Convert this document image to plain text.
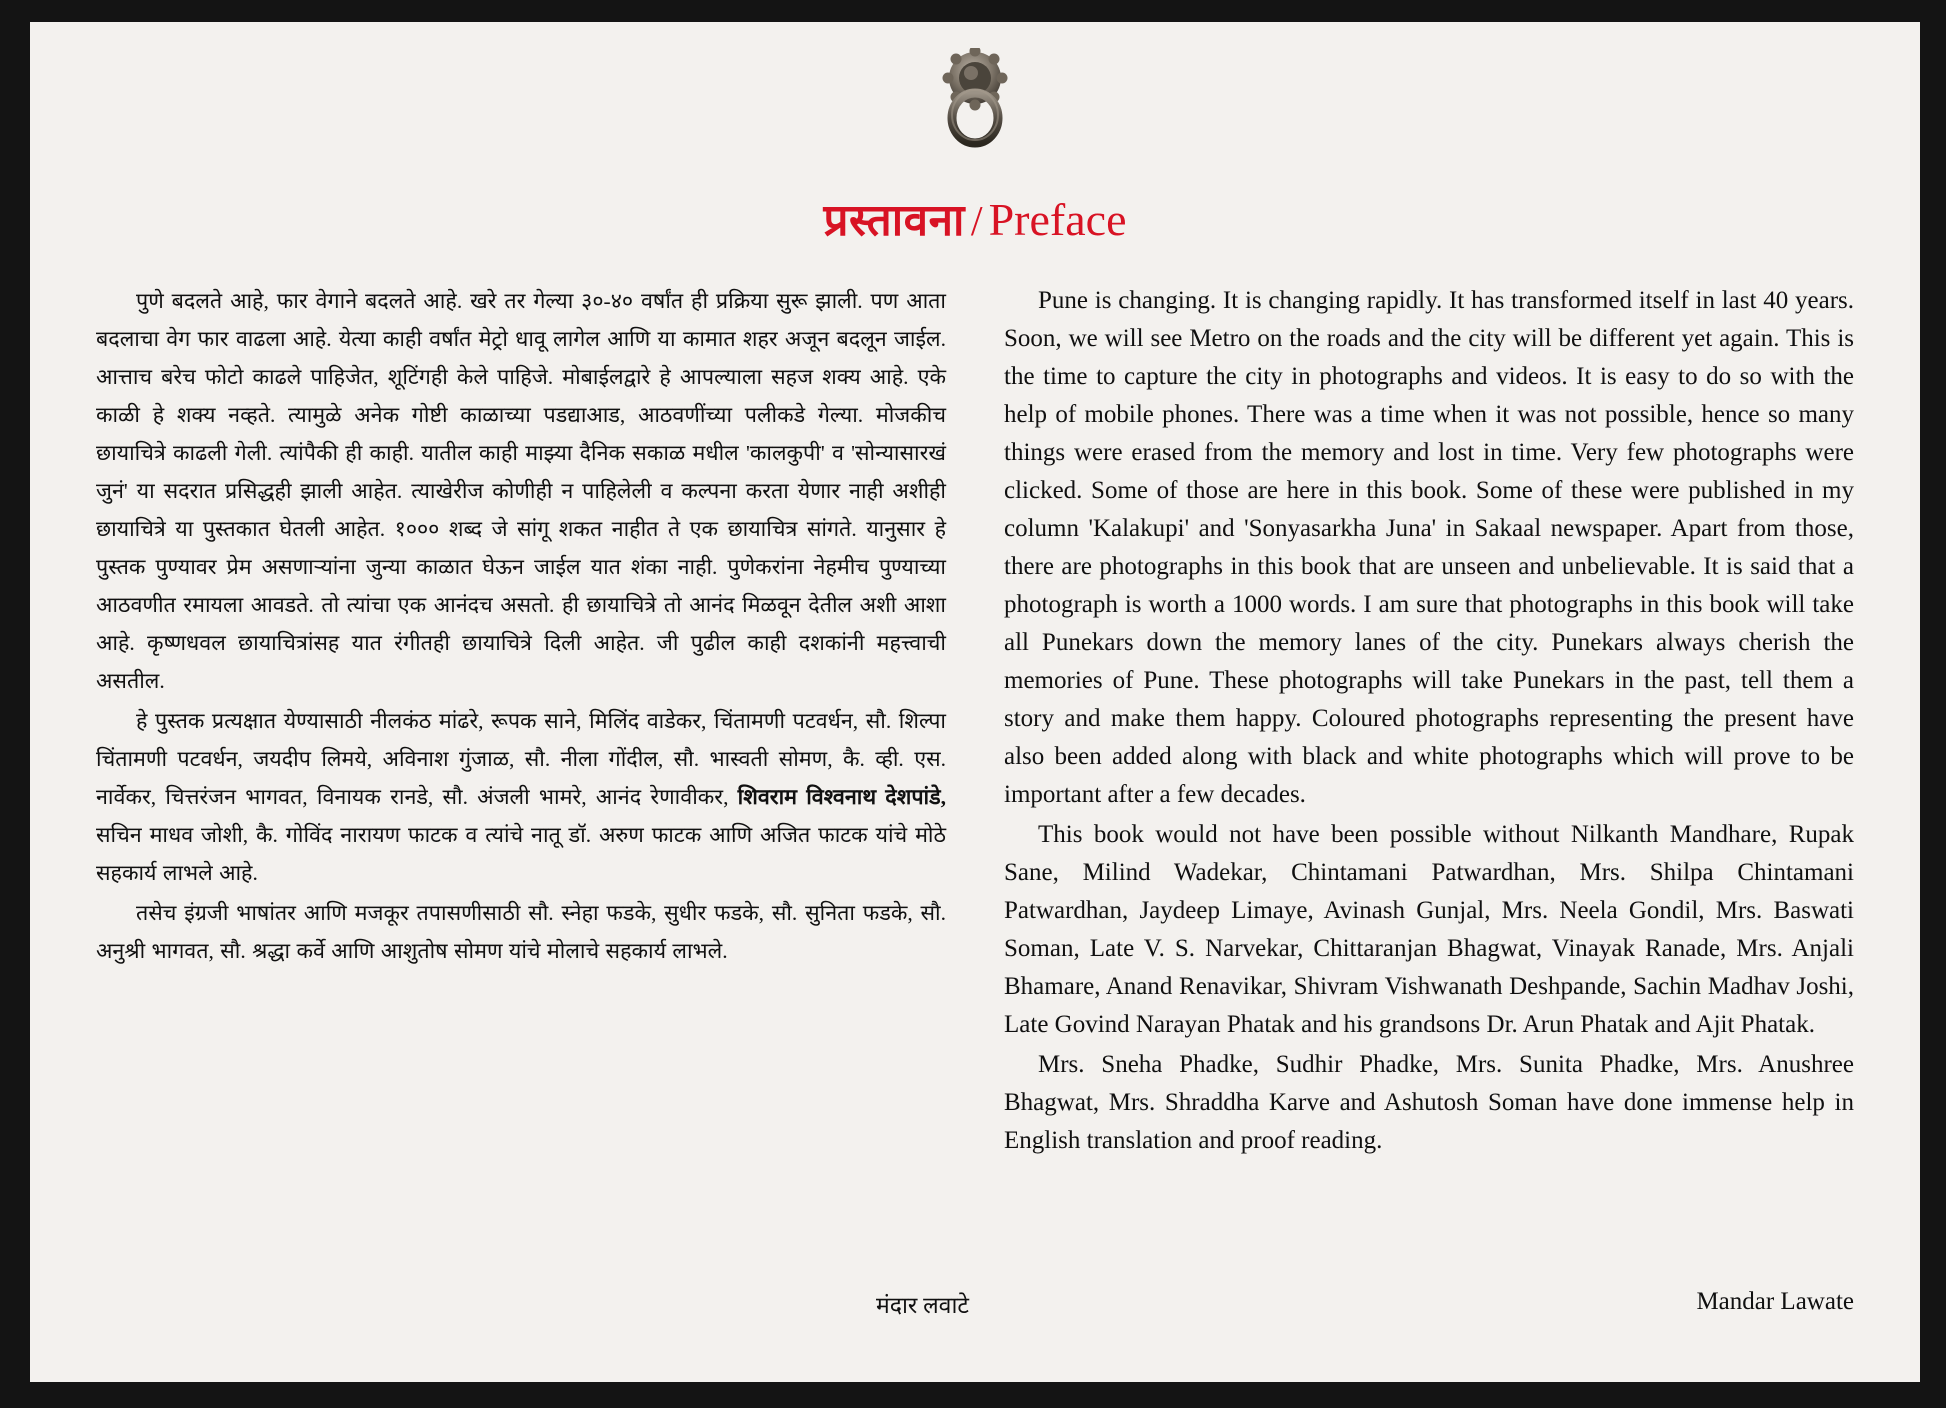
प्रस्तावना / Preface

पुणे बदलते आहे, फार वेगाने बदलते आहे. खरे तर गेल्या ३०-४० वर्षांत ही प्रक्रिया सुरू झाली. पण आता बदलाचा वेग फार वाढला आहे. येत्या काही वर्षांत मेट्रो धावू लागेल आणि या कामात शहर अजून बदलून जाईल. आत्ताच बरेच फोटो काढले पाहिजेत, शूटिंगही केले पाहिजे. मोबाईलद्वारे हे आपल्याला सहज शक्य आहे. एके काळी हे शक्य नव्हते. त्यामुळे अनेक गोष्टी काळाच्या पडद्याआड, आठवणींच्या पलीकडे गेल्या. मोजकीच छायाचित्रे काढली गेली. त्यांपैकी ही काही. यातील काही माझ्या दैनिक सकाळ मधील 'कालकुपी' व 'सोन्यासारखं जुनं' या सदरात प्रसिद्धही झाली आहेत. त्याखेरीज कोणीही न पाहिलेली व कल्पना करता येणार नाही अशीही छायाचित्रे या पुस्तकात घेतली आहेत. १००० शब्द जे सांगू शकत नाहीत ते एक छायाचित्र सांगते. यानुसार हे पुस्तक पुण्यावर प्रेम असणाऱ्यांना जुन्या काळात घेऊन जाईल यात शंका नाही. पुणेकरांना नेहमीच पुण्याच्या आठवणीत रमायला आवडते. तो त्यांचा एक आनंदच असतो. ही छायाचित्रे तो आनंद मिळवून देतील अशी आशा आहे. कृष्णधवल छायाचित्रांसह यात रंगीतही छायाचित्रे दिली आहेत. जी पुढील काही दशकांनी महत्त्वाची असतील.

हे पुस्तक प्रत्यक्षात येण्यासाठी नीलकंठ मांढरे, रूपक साने, मिलिंद वाडेकर, चिंतामणी पटवर्धन, सौ. शिल्पा चिंतामणी पटवर्धन, जयदीप लिमये, अविनाश गुंजाळ, सौ. नीला गोंदील, सौ. भास्वती सोमण, कै. व्ही. एस. नार्वेकर, चित्तरंजन भागवत, विनायक रानडे, सौ. अंजली भामरे, आनंद रेणावीकर, शिवराम विश्वनाथ देशपांडे, सचिन माधव जोशी, कै. गोविंद नारायण फाटक व त्यांचे नातू डॉ. अरुण फाटक आणि अजित फाटक यांचे मोठे सहकार्य लाभले आहे.

तसेच इंग्रजी भाषांतर आणि मजकूर तपासणीसाठी सौ. स्नेहा फडके, सुधीर फडके, सौ. सुनिता फडके, सौ. अनुश्री भागवत, सौ. श्रद्धा कर्वे आणि आशुतोष सोमण यांचे मोलाचे सहकार्य लाभले.

Pune is changing. It is changing rapidly. It has transformed itself in last 40 years. Soon, we will see Metro on the roads and the city will be different yet again. This is the time to capture the city in photographs and videos. It is easy to do so with the help of mobile phones. There was a time when it was not possible, hence so many things were erased from the memory and lost in time. Very few photographs were clicked. Some of those are here in this book. Some of these were published in my column 'Kalakupi' and 'Sonyasarkha Juna' in Sakaal newspaper. Apart from those, there are photographs in this book that are unseen and unbelievable. It is said that a photograph is worth a 1000 words. I am sure that photographs in this book will take all Punekars down the memory lanes of the city. Punekars always cherish the memories of Pune. These photographs will take Punekars in the past, tell them a story and make them happy. Coloured photographs representing the present have also been added along with black and white photographs which will prove to be important after a few decades.

This book would not have been possible without Nilkanth Mandhare, Rupak Sane, Milind Wadekar, Chintamani Patwardhan, Mrs. Shilpa Chintamani Patwardhan, Jaydeep Limaye, Avinash Gunjal, Mrs. Neela Gondil, Mrs. Baswati Soman, Late V. S. Narvekar, Chittaranjan Bhagwat, Vinayak Ranade, Mrs. Anjali Bhamare, Anand Renavikar, Shivram Vishwanath Deshpande, Sachin Madhav Joshi, Late Govind Narayan Phatak and his grandsons Dr. Arun Phatak and Ajit Phatak.

Mrs. Sneha Phadke, Sudhir Phadke, Mrs. Sunita Phadke, Mrs. Anushree Bhagwat, Mrs. Shraddha Karve and Ashutosh Soman have done immense help in English translation and proof reading.

मंदार लवाटे	Mandar Lawate
